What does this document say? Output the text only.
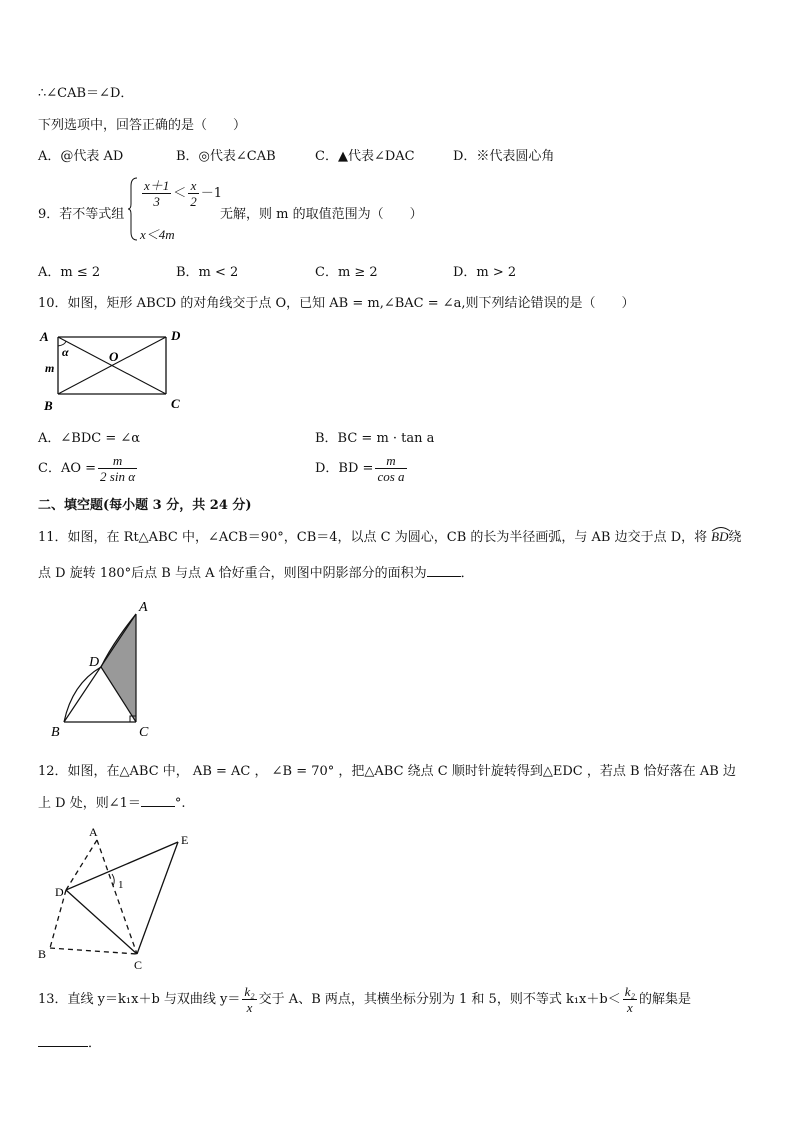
∴∠CAB＝∠D．
下列选项中，回答正确的是（　　）
A．@代表 AD	B．◎代表∠CAB	C．▲代表∠DAC	D．※代表圆心角
9．若不等式组
$\frac{x+1}{3} < \frac{x}{2} -1$
x＜4m
无解，则 m 的取值范围为（　　）
A．m ≤ 2	B．m < 2	C．m ≥ 2	D．m > 2
10．如图，矩形 ABCD 的对角线交于点 O，已知 AB = m,∠BAC = ∠a,则下列结论错误的是（　　）
A	D
B	C
O
α
m
A．∠BDC = ∠α	B．BC = m · tan a
C．AO = $\frac{m}{\text{2 sin α}}$	D．BD = $\frac{m}{\text{cos a}}$
二、填空题(每小题 3 分，共 24 分)
11．如图，在 Rt△ABC 中，∠ACB＝90°，CB＝4，以点 C 为圆心，CB 的长为半径画弧，与 AB 边交于点 D，将 BD绕
点 D 旋转 180°后点 B 与点 A 恰好重合，则图中阴影部分的面积为	．
A
D
B	C
12．如图，在△ABC 中， AB = AC ， ∠B = 70° ，把△ABC 绕点 C 顺时针旋转得到△EDC ，若点 B 恰好落在 AB 边
上 D 处，则∠1＝	°.
A
E
D
B
C
1
13．直线 y＝k₁x＋b 与双曲线 $y= \frac{\text{k₂}}{x}$ 交于 A、B 两点，其横坐标分别为 1 和 5，则不等式 $k_1x+b< \frac{\text{k₂}}{x}$ 的解集是
．
